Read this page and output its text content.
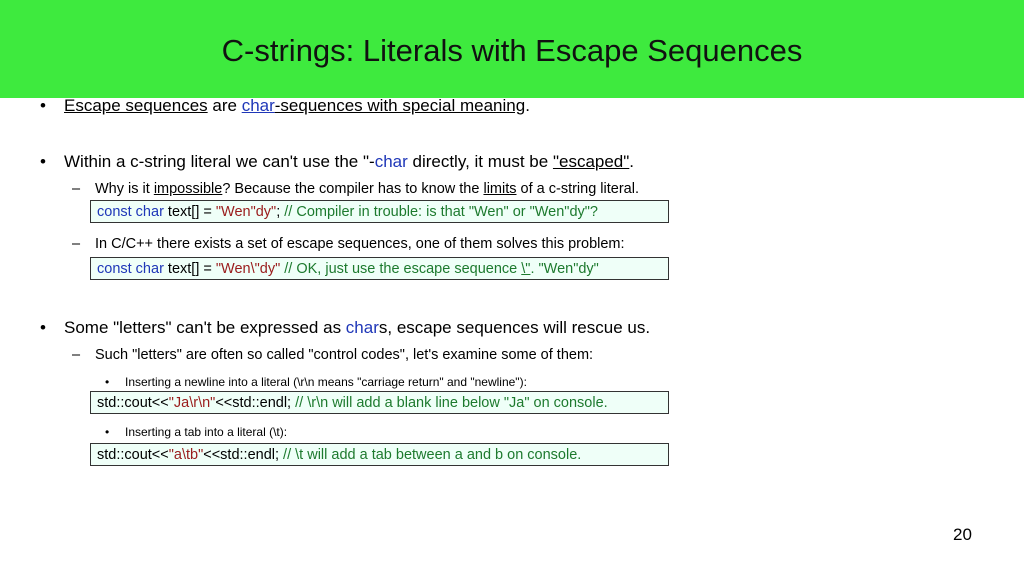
C-strings: Literals with Escape Sequences
• Escape sequences are char-sequences with special meaning.
• Within a c-string literal we can't use the "-char directly, it must be "escaped".
– Why is it impossible? Because the compiler has to know the limits of a c-string literal.
const char text[] = "Wen"dy"; // Compiler in trouble: is that "Wen" or "Wen"dy"?
– In C/C++ there exists a set of escape sequences, one of them solves this problem:
const char text[] = "Wen\"dy" // OK, just use the escape sequence \". "Wen"dy"
• Some "letters" can't be expressed as chars, escape sequences will rescue us.
– Such "letters" are often so called "control codes", let's examine some of them:
• Inserting a newline into a literal (\r\n means "carriage return" and "newline"):
std::cout<<"Ja\r\n"<<std::endl; // \r\n will add a blank line below "Ja" on console.
• Inserting a tab into a literal (\t):
std::cout<<"a\tb"<<std::endl; // \t will add a tab between a and b on console.
20
